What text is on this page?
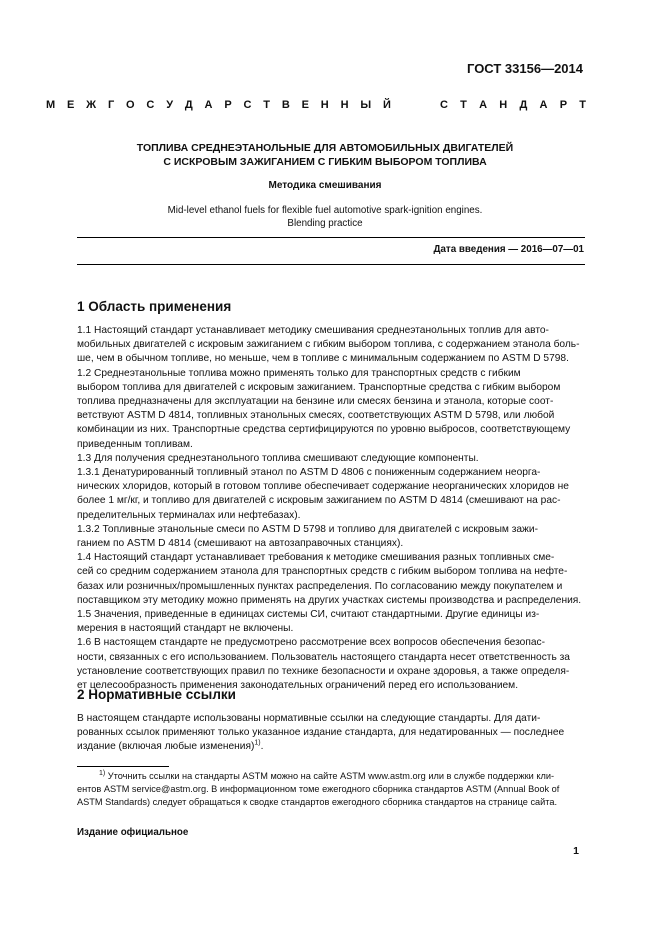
ГОСТ 33156—2014
М Е Ж Г О С У Д А Р С Т В Е Н Н Ы Й	С Т А Н Д А Р Т
ТОПЛИВА СРЕДНЕЭТАНОЛЬНЫЕ ДЛЯ АВТОМОБИЛЬНЫХ ДВИГАТЕЛЕЙ
С ИСКРОВЫМ ЗАЖИГАНИЕМ С ГИБКИМ ВЫБОРОМ ТОПЛИВА
Методика смешивания
Mid-level ethanol fuels for flexible fuel automotive spark-ignition engines.
Blending practice
Дата введения — 2016—07—01
1 Область применения
1.1 Настоящий стандарт устанавливает методику смешивания среднеэтанольных топлив для авто-
мобильных двигателей с искровым зажиганием с гибким выбором топлива, с содержанием этанола боль-
ше, чем в обычном топливе, но меньше, чем в топливе с минимальным содержанием по ASTM D 5798.
1.2 Среднеэтанольные топлива можно применять только для транспортных средств с гибким
выбором топлива для двигателей с искровым зажиганием. Транспортные средства с гибким выбором
топлива предназначены для эксплуатации на бензине или смесях бензина и этанола, которые соот-
ветствуют ASTM D 4814, топливных этанольных смесях, соответствующих ASTM D 5798, или любой
комбинации из них. Транспортные средства сертифицируются по уровню выбросов, соответствующему
приведенным топливам.
1.3 Для получения среднеэтанольного топлива смешивают следующие компоненты.
1.3.1 Денатурированный топливный этанол по ASTM D 4806 с пониженным содержанием неорга-
нических хлоридов, который в готовом топливе обеспечивает содержание неорганических хлоридов не
более 1 мг/кг, и топливо для двигателей с искровым зажиганием по ASTM D 4814 (смешивают на рас-
пределительных терминалах или нефтебазах).
1.3.2 Топливные этанольные смеси по ASTM D 5798 и топливо для двигателей с искровым зажи-
ганием по ASTM D 4814 (смешивают на автозаправочных станциях).
1.4 Настоящий стандарт устанавливает требования к методике смешивания разных топливных сме-
сей со средним содержанием этанола для транспортных средств с гибким выбором топлива на нефте-
базах или розничных/промышленных пунктах распределения. По согласованию между покупателем и
поставщиком эту методику можно применять на других участках системы производства и распределения.
1.5 Значения, приведенные в единицах системы СИ, считают стандартными. Другие единицы из-
мерения в настоящий стандарт не включены.
1.6 В настоящем стандарте не предусмотрено рассмотрение всех вопросов обеспечения безопас-
ности, связанных с его использованием. Пользователь настоящего стандарта несет ответственность за
установление соответствующих правил по технике безопасности и охране здоровья, а также определя-
ет целесообразность применения законодательных ограничений перед его использованием.
2 Нормативные ссылки
В настоящем стандарте использованы нормативные ссылки на следующие стандарты. Для дати-
рованных ссылок применяют только указанное издание стандарта, для недатированных — последнее
издание (включая любые изменения)$^{1)}$.
$^{1)}$ Уточнить ссылки на стандарты ASTM можно на сайте ASTM www.astm.org или в службе поддержки кли-
ентов ASTM service@astm.org. В информационном томе ежегодного сборника стандартов ASTM (Annual Book of
ASTM Standards) следует обращаться к сводке стандартов ежегодного сборника стандартов на странице сайта.
Издание официальное
1
